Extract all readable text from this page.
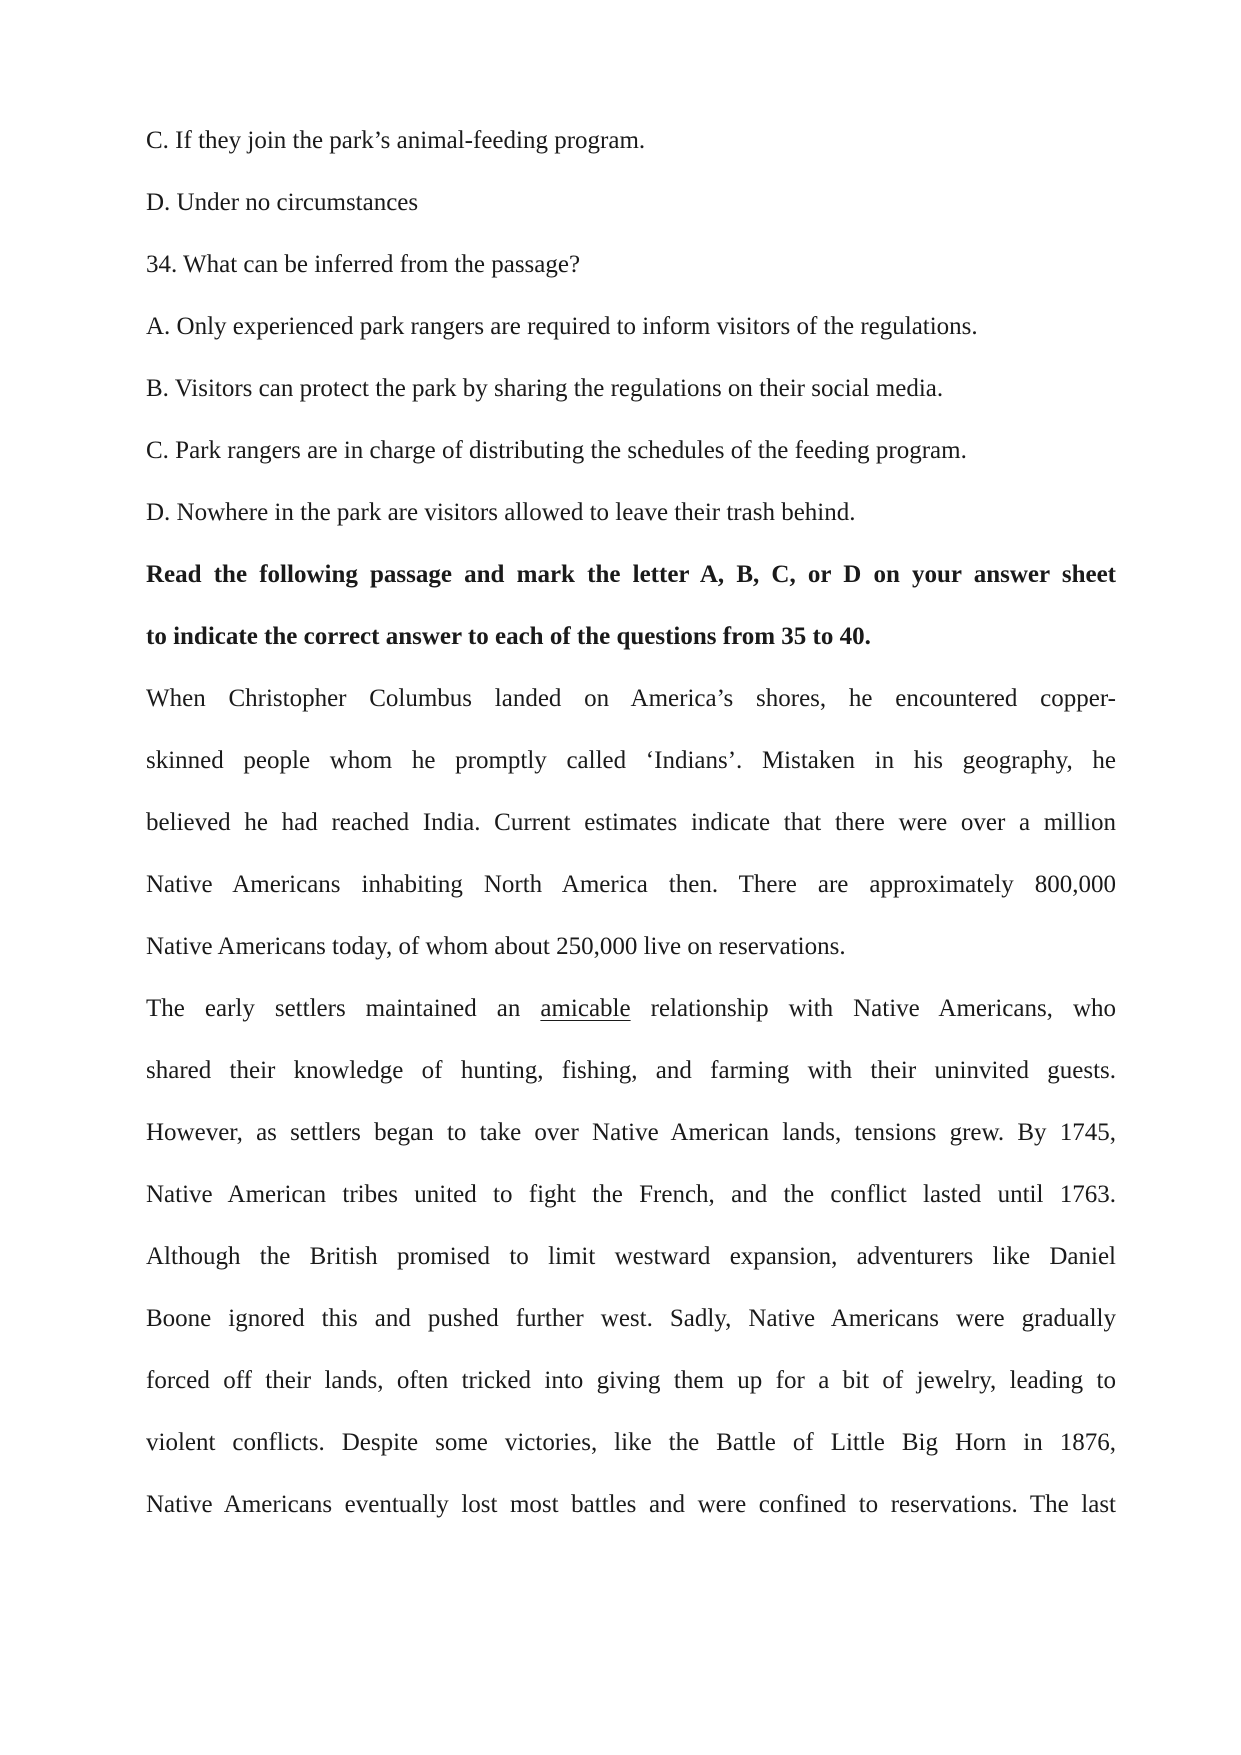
C. If they join the park’s animal-feeding program.
D. Under no circumstances
34. What can be inferred from the passage?
A. Only experienced park rangers are required to inform visitors of the regulations.
B. Visitors can protect the park by sharing the regulations on their social media.
C. Park rangers are in charge of distributing the schedules of the feeding program.
D. Nowhere in the park are visitors allowed to leave their trash behind.
Read the following passage and mark the letter A, B, C, or D on your answer sheet
to indicate the correct answer to each of the questions from 35 to 40.
When Christopher Columbus landed on America’s shores, he encountered copper-
skinned people whom he promptly called ‘Indians’. Mistaken in his geography, he
believed he had reached India. Current estimates indicate that there were over a million
Native Americans inhabiting North America then. There are approximately 800,000
Native Americans today, of whom about 250,000 live on reservations.
The early settlers maintained an amicable relationship with Native Americans, who
shared their knowledge of hunting, fishing, and farming with their uninvited guests.
However, as settlers began to take over Native American lands, tensions grew. By 1745,
Native American tribes united to fight the French, and the conflict lasted until 1763.
Although the British promised to limit westward expansion, adventurers like Daniel
Boone ignored this and pushed further west. Sadly, Native Americans were gradually
forced off their lands, often tricked into giving them up for a bit of jewelry, leading to
violent conflicts. Despite some victories, like the Battle of Little Big Horn in 1876,
Native Americans eventually lost most battles and were confined to reservations. The last
